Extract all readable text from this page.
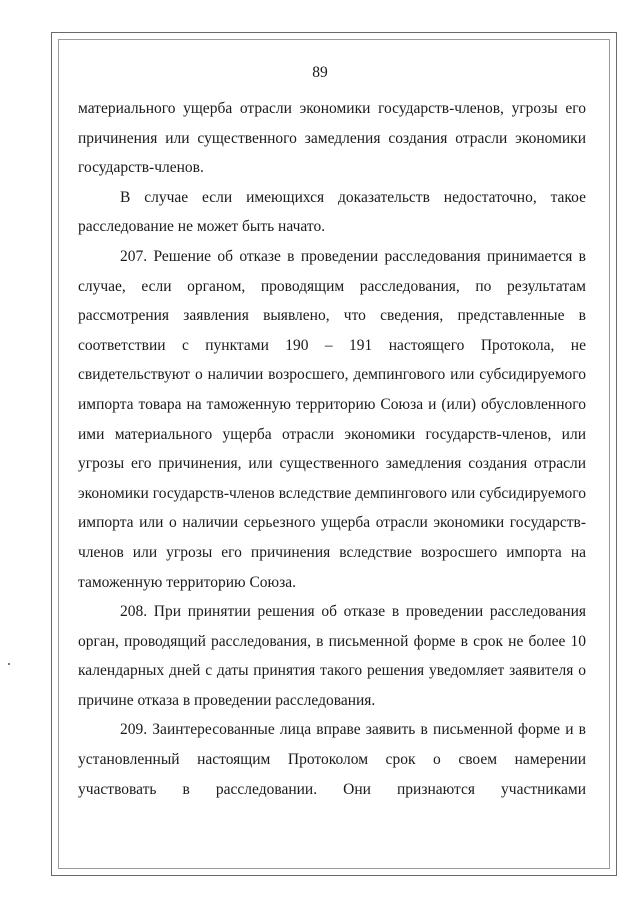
89

материального ущерба отрасли экономики государств-членов, угрозы его причинения или существенного замедления создания отрасли экономики государств-членов.

В случае если имеющихся доказательств недостаточно, такое расследование не может быть начато.

207. Решение об отказе в проведении расследования принимается в случае, если органом, проводящим расследования, по результатам рассмотрения заявления выявлено, что сведения, представленные в соответствии с пунктами 190 – 191 настоящего Протокола, не свидетельствуют о наличии возросшего, демпингового или субсидируемого импорта товара на таможенную территорию Союза и (или) обусловленного ими материального ущерба отрасли экономики государств-членов, или угрозы его причинения, или существенного замедления создания отрасли экономики государств-членов вследствие демпингового или субсидируемого импорта или о наличии серьезного ущерба отрасли экономики государств-членов или угрозы его причинения вследствие возросшего импорта на таможенную территорию Союза.

208. При принятии решения об отказе в проведении расследования орган, проводящий расследования, в письменной форме в срок не более 10 календарных дней с даты принятия такого решения уведомляет заявителя о причине отказа в проведении расследования.

209. Заинтересованные лица вправе заявить в письменной форме и в установленный настоящим Протоколом срок о своем намерении участвовать в расследовании. Они признаются участниками
